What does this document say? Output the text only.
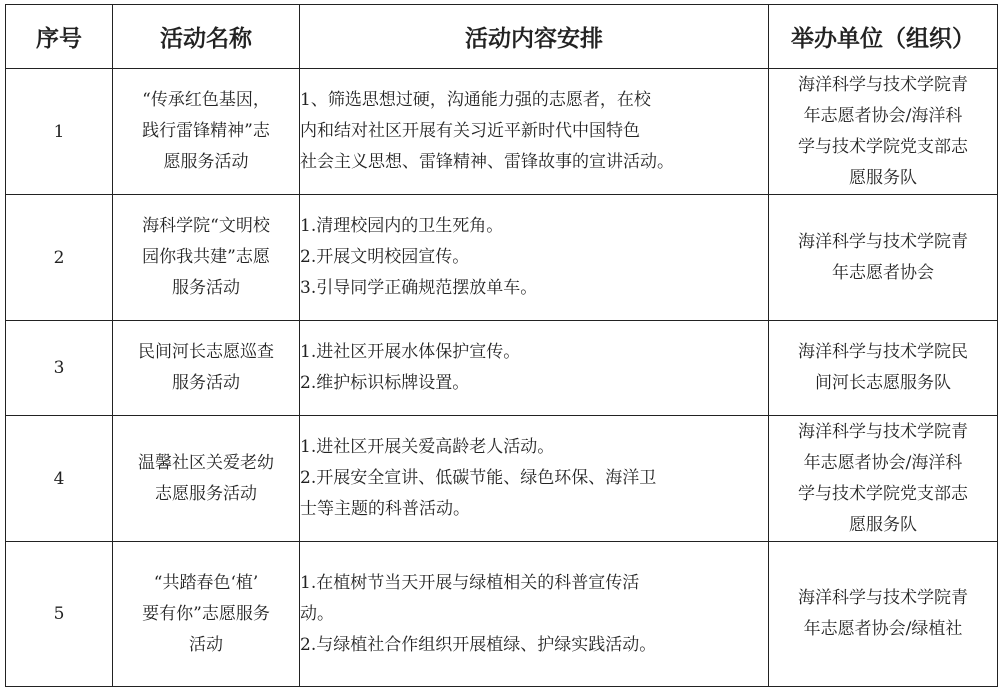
序号	活动名称	活动内容安排	举办单位（组织）
1	“传承红色基因，
践行雷锋精神”志
愿服务活动	1、筛选思想过硬，沟通能力强的志愿者，在校
内和结对社区开展有关习近平新时代中国特色
社会主义思想、雷锋精神、雷锋故事的宣讲活动。	海洋科学与技术学院青
年志愿者协会/海洋科
学与技术学院党支部志
愿服务队

2	海科学院“文明校
园你我共建”志愿
服务活动	1.清理校园内的卫生死角。
2.开展文明校园宣传。
3.引导同学正确规范摆放单车。	海洋科学与技术学院青
年志愿者协会

3	民间河长志愿巡查
服务活动	1.进社区开展水体保护宣传。
2.维护标识标牌设置。	海洋科学与技术学院民
间河长志愿服务队

4	温馨社区关爱老幼
志愿服务活动	1.进社区开展关爱高龄老人活动。
2.开展安全宣讲、低碳节能、绿色环保、海洋卫
士等主题的科普活动。	海洋科学与技术学院青
年志愿者协会/海洋科
学与技术学院党支部志
愿服务队

5	“共踏春色‘植’
要有你”志愿服务
活动	1.在植树节当天开展与绿植相关的科普宣传活
动。
2.与绿植社合作组织开展植绿、护绿实践活动。	海洋科学与技术学院青
年志愿者协会/绿植社
